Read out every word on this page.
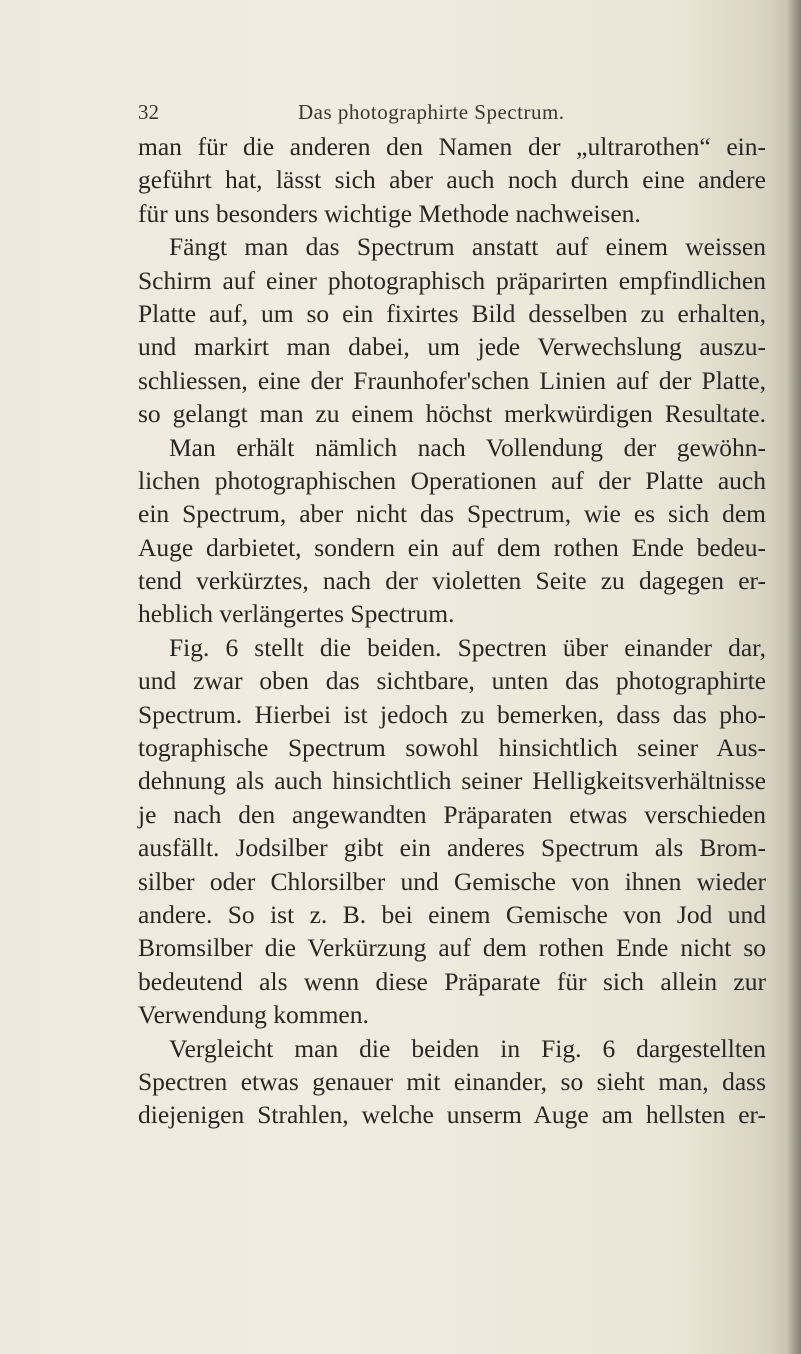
32	Das photographirte Spectrum.
man für die anderen den Namen der „ultrarothen“ ein-
geführt hat, lässt sich aber auch noch durch eine andere
für uns besonders wichtige Methode nachweisen.
Fängt man das Spectrum anstatt auf einem weissen
Schirm auf einer photographisch präparirten empfindlichen
Platte auf, um so ein fixirtes Bild desselben zu erhalten,
und markirt man dabei, um jede Verwechslung auszu-
schliessen, eine der Fraunhofer'schen Linien auf der Platte,
so gelangt man zu einem höchst merkwürdigen Resultate.
Man erhält nämlich nach Vollendung der gewöhn-
lichen photographischen Operationen auf der Platte auch
ein Spectrum, aber nicht das Spectrum, wie es sich dem
Auge darbietet, sondern ein auf dem rothen Ende bedeu-
tend verkürztes, nach der violetten Seite zu dagegen er-
heblich verlängertes Spectrum.
Fig. 6 stellt die beiden. Spectren über einander dar,
und zwar oben das sichtbare, unten das photographirte
Spectrum. Hierbei ist jedoch zu bemerken, dass das pho-
tographische Spectrum sowohl hinsichtlich seiner Aus-
dehnung als auch hinsichtlich seiner Helligkeitsverhältnisse
je nach den angewandten Präparaten etwas verschieden
ausfällt. Jodsilber gibt ein anderes Spectrum als Brom-
silber oder Chlorsilber und Gemische von ihnen wieder
andere. So ist z. B. bei einem Gemische von Jod und
Bromsilber die Verkürzung auf dem rothen Ende nicht so
bedeutend als wenn diese Präparate für sich allein zur
Verwendung kommen.
Vergleicht man die beiden in Fig. 6 dargestellten
Spectren etwas genauer mit einander, so sieht man, dass
diejenigen Strahlen, welche unserm Auge am hellsten er-
